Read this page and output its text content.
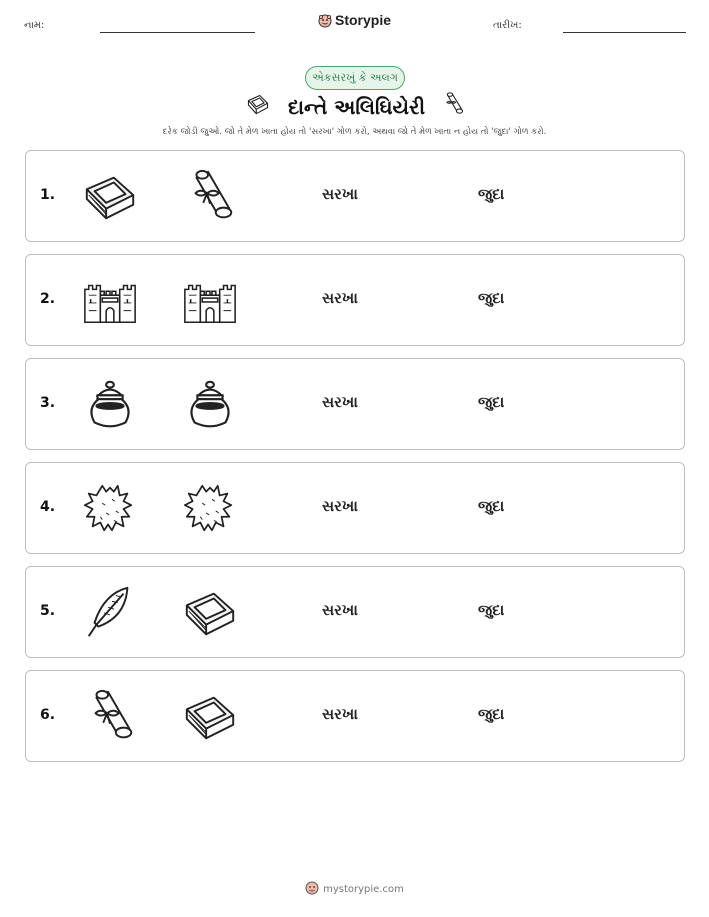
નામ:	Storypie	તારીખ:
એકસરખું કે અલગ
દાન્તે અલિઘિયેરી
દરેક જોડી જુઓ. જો તે મેળ ખાતા હોય તો 'સરખા' ગોળ કરો, અથવા જો તે મેળ ખાતા ન હોય તો 'જુદા' ગોળ કરો.
1.	સરખા	જુદા
2.	સરખા	જુદા
3.	સરખા	જુદા
4.	સરખા	જુદા
5.	સરખા	જુદા
6.	સરખા	જુદા
mystorypie.com
